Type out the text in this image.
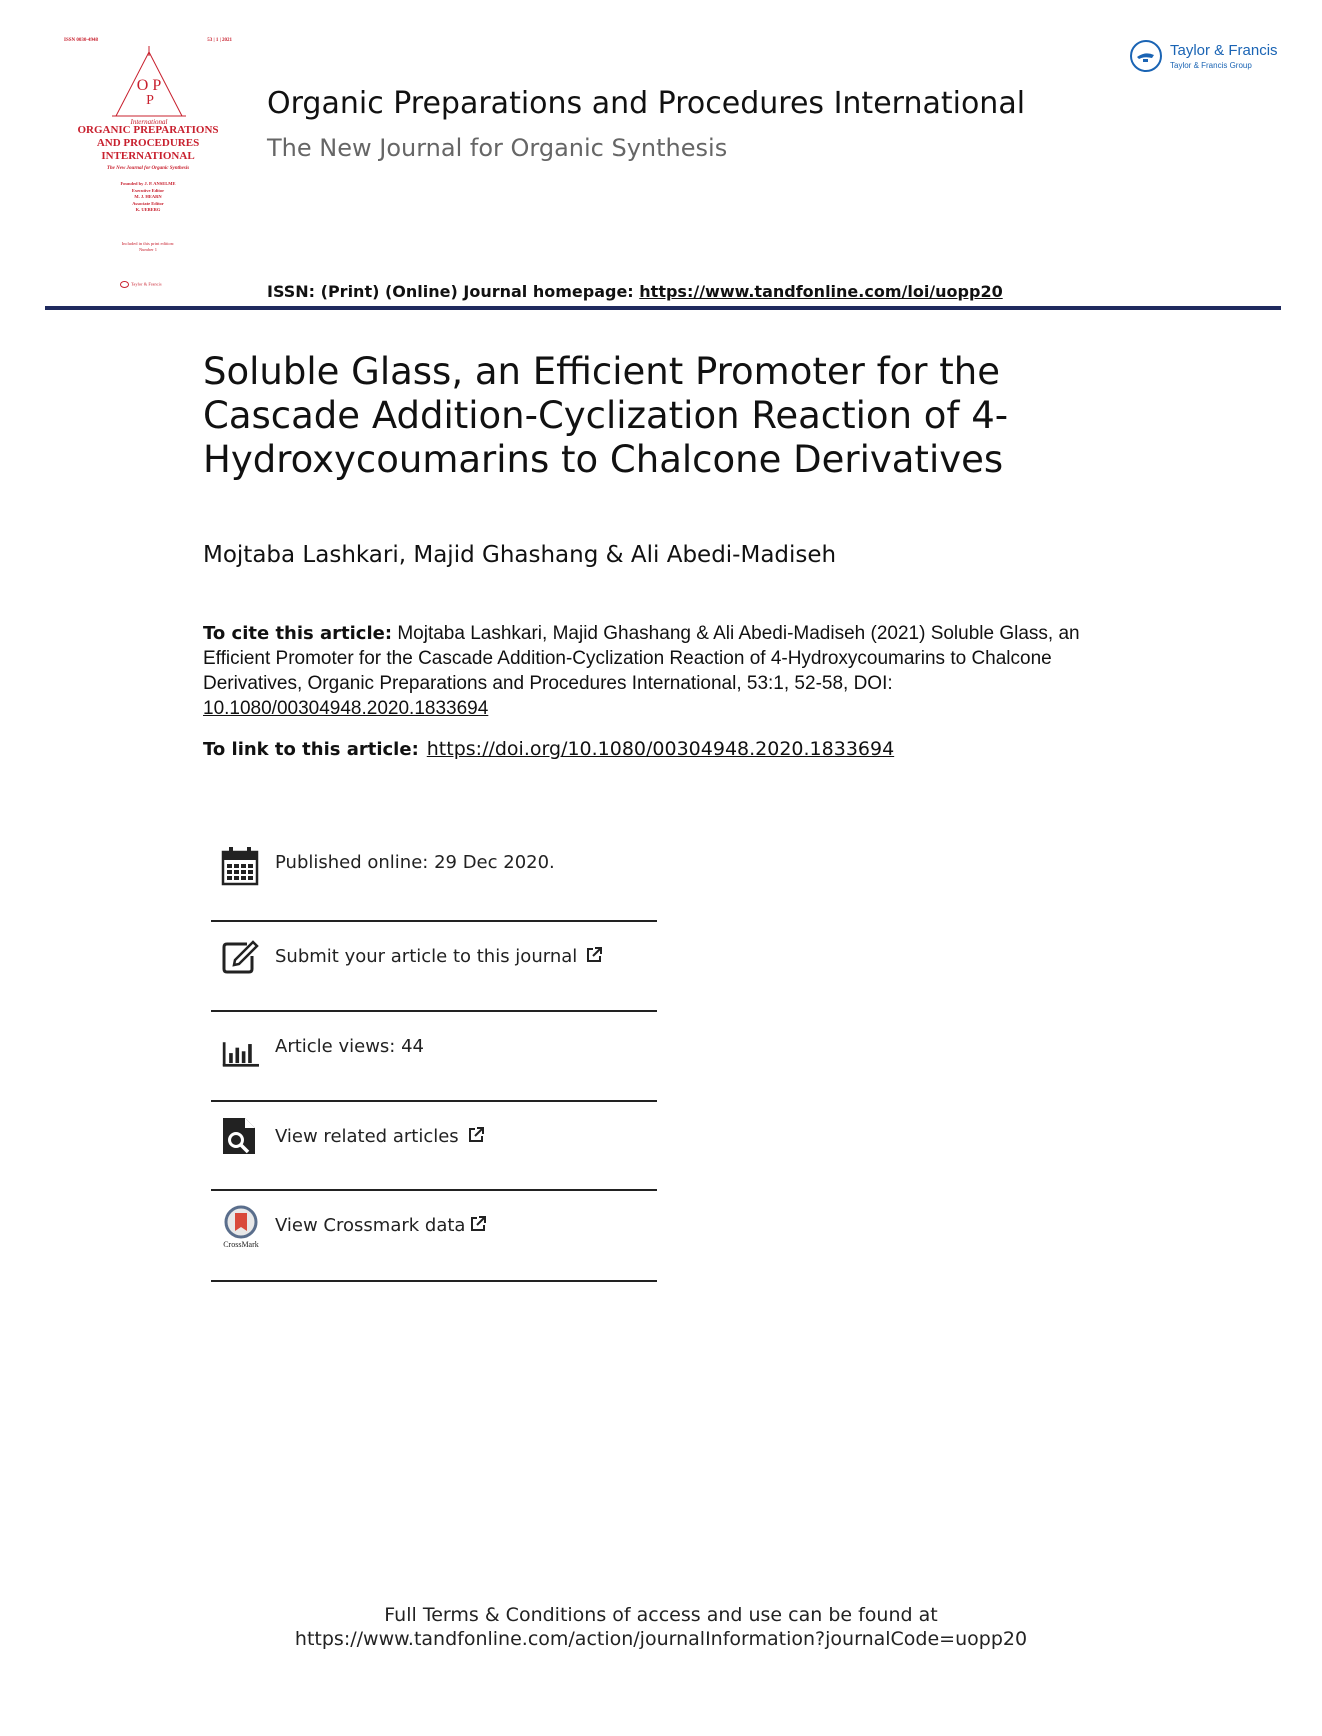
ISSN 0030-4948	53 | 1 | 2021
O P
P
International
ORGANIC PREPARATIONS
AND PROCEDURES
INTERNATIONAL
The New Journal for Organic Synthesis
Founded by J. P. ANSELME
Executive Editor
M. J. HEARN
Associate Editor
K. UEBERG
Included in this print edition:
Number 1
Taylor & Francis
Organic Preparations and Procedures International
The New Journal for Organic Synthesis
ISSN: (Print) (Online) Journal homepage: https://www.tandfonline.com/loi/uopp20
Taylor & Francis
Taylor & Francis Group
Soluble Glass, an Efficient Promoter for the
Cascade Addition-Cyclization Reaction of 4-
Hydroxycoumarins to Chalcone Derivatives
Mojtaba Lashkari, Majid Ghashang & Ali Abedi-Madiseh
To cite this article: Mojtaba Lashkari, Majid Ghashang & Ali Abedi-Madiseh (2021) Soluble Glass, an Efficient Promoter for the Cascade Addition-Cyclization Reaction of 4-Hydroxycoumarins to Chalcone Derivatives, Organic Preparations and Procedures International, 53:1, 52-58, DOI:
10.1080/00304948.2020.1833694
To link to this article: https://doi.org/10.1080/00304948.2020.1833694
Published online: 29 Dec 2020.
Submit your article to this journal
Article views: 44
View related articles
CrossMark
View Crossmark data
Full Terms & Conditions of access and use can be found at
https://www.tandfonline.com/action/journalInformation?journalCode=uopp20
